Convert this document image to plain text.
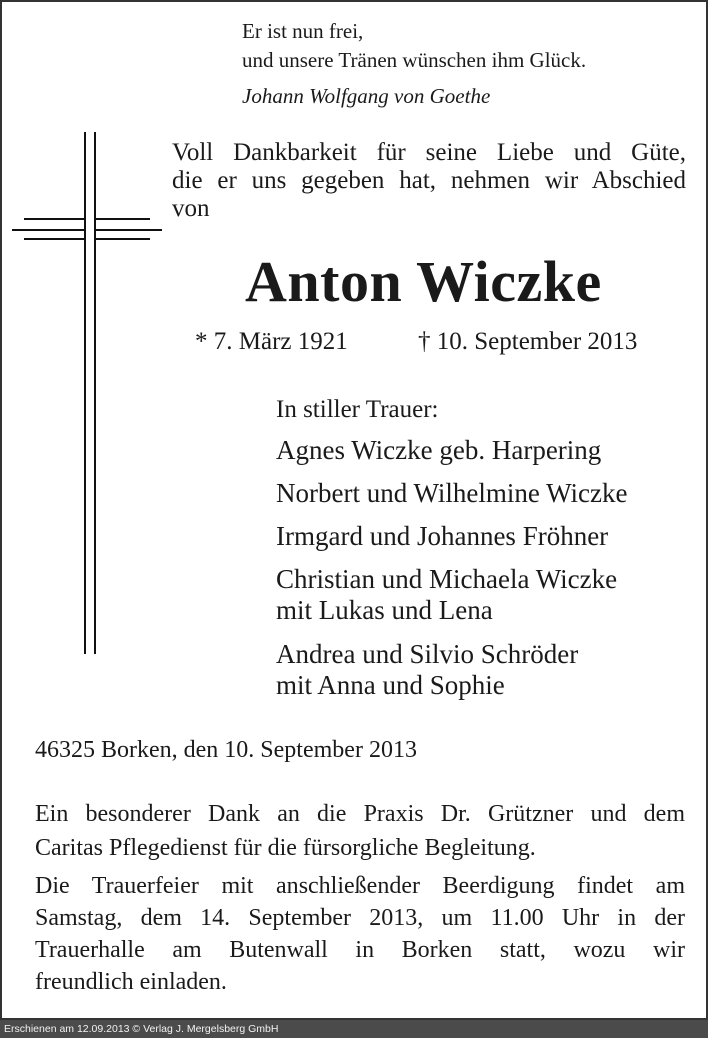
Er ist nun frei,
und unsere Tränen wünschen ihm Glück.
Johann Wolfgang von Goethe
Voll Dankbarkeit für seine Liebe und Güte,
die er uns gegeben hat, nehmen wir Abschied
von
Anton Wiczke
* 7. März 1921	† 10. September 2013
In stiller Trauer:
Agnes Wiczke geb. Harpering
Norbert und Wilhelmine Wiczke
Irmgard und Johannes Fröhner
Christian und Michaela Wiczke
mit Lukas und Lena
Andrea und Silvio Schröder
mit Anna und Sophie
46325 Borken, den 10. September 2013
Ein besonderer Dank an die Praxis Dr. Grützner und dem
Caritas Pflegedienst für die fürsorgliche Begleitung.
Die Trauerfeier mit anschließender Beerdigung findet am
Samstag, dem 14. September 2013, um 11.00 Uhr in der
Trauerhalle am Butenwall in Borken statt, wozu wir
freundlich einladen.
Erschienen am 12.09.2013 © Verlag J. Mergelsberg GmbH
